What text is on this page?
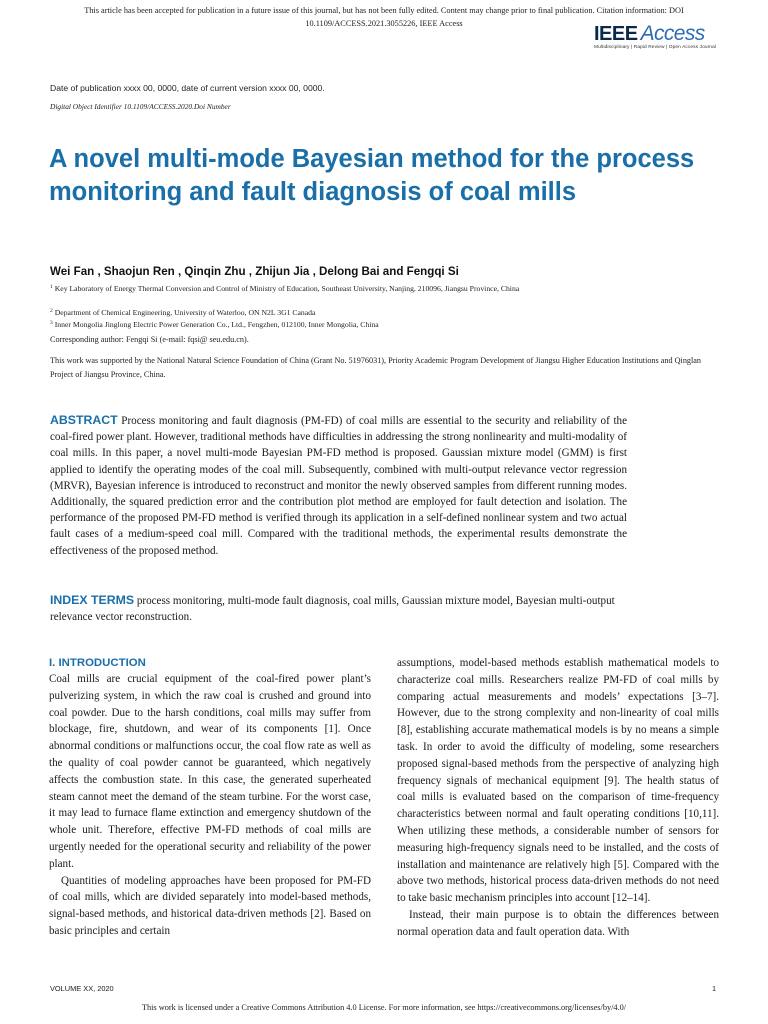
This article has been accepted for publication in a future issue of this journal, but has not been fully edited. Content may change prior to final publication. Citation information: DOI 10.1109/ACCESS.2021.3055226, IEEE Access	IEEE Access
Multidisciplinary | Rapid Review | Open Access Journal
Date of publication xxxx 00, 0000, date of current version xxxx 00, 0000.
Digital Object Identifier 10.1109/ACCESS.2020.Doi Number
A novel multi-mode Bayesian method for the process monitoring and fault diagnosis of coal mills
Wei Fan , Shaojun Ren , Qinqin Zhu , Zhijun Jia , Delong Bai and Fengqi Si
$^1$ Key Laboratory of Energy Thermal Conversion and Control of Ministry of Education, Southeast University, Nanjing, 210096, Jiangsu Province, China
$^2$ Department of Chemical Engineering, University of Waterloo, ON N2L 3G1 Canada
$^3$ Inner Mongolia Jinglong Electric Power Generation Co., Ltd., Fengzhen, 012100, Inner Mongolia, China
Corresponding author: Fengqi Si (e-mail: fqsi@ seu.edu.cn).
This work was supported by the National Natural Science Foundation of China (Grant No. 51976031), Priority Academic Program Development of Jiangsu Higher Education Institutions and Qinglan Project of Jiangsu Province, China.
ABSTRACT Process monitoring and fault diagnosis (PM-FD) of coal mills are essential to the security and reliability of the coal-fired power plant. However, traditional methods have difficulties in addressing the strong nonlinearity and multi-modality of coal mills. In this paper, a novel multi-mode Bayesian PM-FD method is proposed. Gaussian mixture model (GMM) is first applied to identify the operating modes of the coal mill. Subsequently, combined with multi-output relevance vector regression (MRVR), Bayesian inference is introduced to reconstruct and monitor the newly observed samples from different running modes. Additionally, the squared prediction error and the contribution plot method are employed for fault detection and isolation. The performance of the proposed PM-FD method is verified through its application in a self-defined nonlinear system and two actual fault cases of a medium-speed coal mill. Compared with the traditional methods, the experimental results demonstrate the effectiveness of the proposed method.
INDEX TERMS process monitoring, multi-mode fault diagnosis, coal mills, Gaussian mixture model, Bayesian multi-output relevance vector reconstruction.
I. INTRODUCTION

Coal mills are crucial equipment of the coal-fired power plant’s pulverizing system, in which the raw coal is crushed and ground into coal powder. Due to the harsh conditions, coal mills may suffer from blockage, fire, shutdown, and wear of its components [1]. Once abnormal conditions or malfunctions occur, the coal flow rate as well as the quality of coal powder cannot be guaranteed, which negatively affects the combustion state. In this case, the generated superheated steam cannot meet the demand of the steam turbine. For the worst case, it may lead to furnace flame extinction and emergency shutdown of the whole unit. Therefore, effective PM-FD methods of coal mills are urgently needed for the operational security and reliability of the power plant.

Quantities of modeling approaches have been proposed for PM-FD of coal mills, which are divided separately into model-based methods, signal-based methods, and historical data-driven methods [2]. Based on basic principles and certain

assumptions, model-based methods establish mathematical models to characterize coal mills. Researchers realize PM-FD of coal mills by comparing actual measurements and models’ expectations [3–7]. However, due to the strong complexity and non-linearity of coal mills [8], establishing accurate mathematical models is by no means a simple task. In order to avoid the difficulty of modeling, some researchers proposed signal-based methods from the perspective of analyzing high frequency signals of mechanical equipment [9]. The health status of coal mills is evaluated based on the comparison of time-frequency characteristics between normal and fault operating conditions [10,11]. When utilizing these methods, a considerable number of sensors for measuring high-frequency signals need to be installed, and the costs of installation and maintenance are relatively high [5]. Compared with the above two methods, historical process data-driven methods do not need to take basic mechanism principles into account [12–14].

Instead, their main purpose is to obtain the differences between normal operation data and fault operation data. With

VOLUME XX, 2020	1
This work is licensed under a Creative Commons Attribution 4.0 License. For more information, see https://creativecommons.org/licenses/by/4.0/
